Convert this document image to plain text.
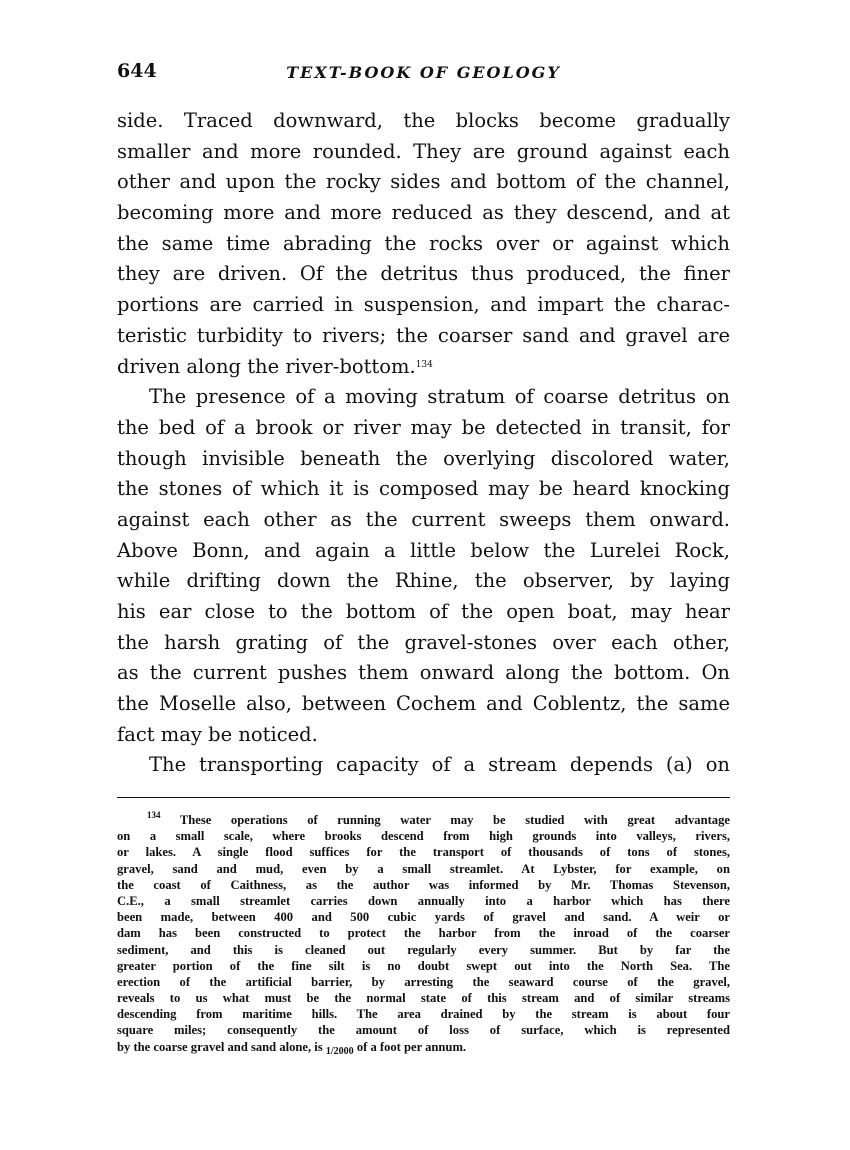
644	TEXT-BOOK OF GEOLOGY
side. Traced downward, the blocks become gradually
smaller and more rounded. They are ground against each
other and upon the rocky sides and bottom of the channel,
becoming more and more reduced as they descend, and at
the same time abrading the rocks over or against which
they are driven. Of the detritus thus produced, the finer
portions are carried in suspension, and impart the charac-
teristic turbidity to rivers; the coarser sand and gravel are
driven along the river-bottom.$^{134}$
The presence of a moving stratum of coarse detritus on
the bed of a brook or river may be detected in transit, for
though invisible beneath the overlying discolored water,
the stones of which it is composed may be heard knocking
against each other as the current sweeps them onward.
Above Bonn, and again a little below the Lurelei Rock,
while drifting down the Rhine, the observer, by laying
his ear close to the bottom of the open boat, may hear
the harsh grating of the gravel-stones over each other,
as the current pushes them onward along the bottom. On
the Moselle also, between Cochem and Coblentz, the same
fact may be noticed.
The transporting capacity of a stream depends (a) on
$^{134}$ These operations of running water may be studied with great advantage
on a small scale, where brooks descend from high grounds into valleys, rivers,
or lakes. A single flood suffices for the transport of thousands of tons of stones,
gravel, sand and mud, even by a small streamlet. At Lybster, for example, on
the coast of Caithness, as the author was informed by Mr. Thomas Stevenson,
C.E., a small streamlet carries down annually into a harbor which has there
been made, between 400 and 500 cubic yards of gravel and sand. A weir or
dam has been constructed to protect the harbor from the inroad of the coarser
sediment, and this is cleaned out regularly every summer. But by far the
greater portion of the fine silt is no doubt swept out into the North Sea. The
erection of the artificial barrier, by arresting the seaward course of the gravel,
reveals to us what must be the normal state of this stream and of similar streams
descending from maritime hills. The area drained by the stream is about four
square miles; consequently the amount of loss of surface, which is represented
by the coarse gravel and sand alone, is $_{1/2000}$ of a foot per annum.
